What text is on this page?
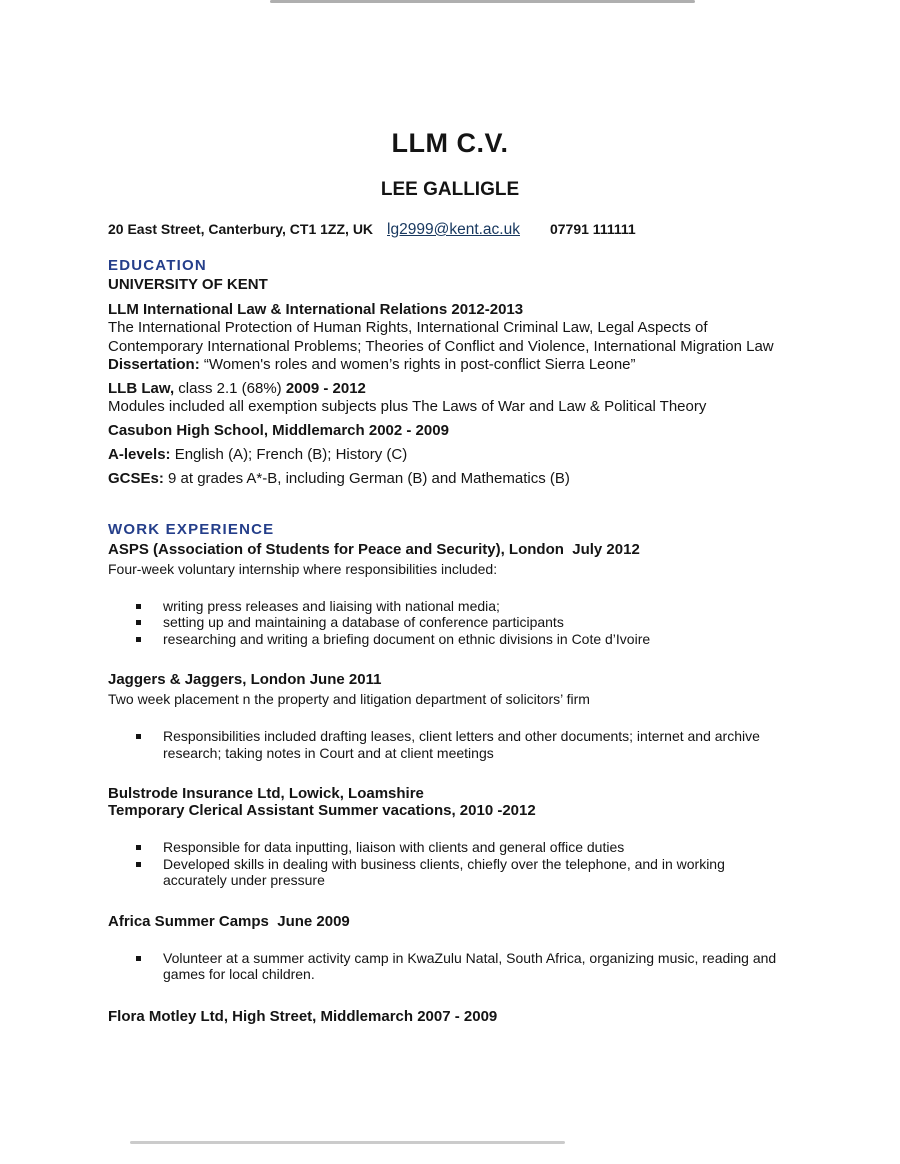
LLM C.V.
LEE GALLIGLE
20 East Street, Canterbury, CT1 1ZZ, UK lg2999@kent.ac.uk 07791 111111
EDUCATION
UNIVERSITY OF KENT
LLM International Law & International Relations 2012-2013
The International Protection of Human Rights, International Criminal Law, Legal Aspects of Contemporary International Problems; Theories of Conflict and Violence, International Migration Law
Dissertation: “Women's roles and women’s rights in post-conflict Sierra Leone”
LLB Law, class 2.1 (68%) 2009 - 2012
Modules included all exemption subjects plus The Laws of War and Law & Political Theory
Casubon High School, Middlemarch 2002 - 2009
A-levels: English (A); French (B); History (C)
GCSEs: 9 at grades A*-B, including German (B) and Mathematics (B)
WORK EXPERIENCE
ASPS (Association of Students for Peace and Security), London  July 2012
Four-week voluntary internship where responsibilities included:
writing press releases and liaising with national media;
setting up and maintaining a database of conference participants
researching and writing a briefing document on ethnic divisions in Cote d’Ivoire
Jaggers & Jaggers, London June 2011
Two week placement n the property and litigation department of solicitors’ firm
Responsibilities included drafting leases, client letters and other documents; internet and archive research; taking notes in Court and at client meetings
Bulstrode Insurance Ltd, Lowick, Loamshire
Temporary Clerical Assistant Summer vacations, 2010 -2012
Responsible for data inputting, liaison with clients and general office duties
Developed skills in dealing with business clients, chiefly over the telephone, and in working accurately under pressure
Africa Summer Camps  June 2009
Volunteer at a summer activity camp in KwaZulu Natal, South Africa, organizing music, reading and games for local children.
Flora Motley Ltd, High Street, Middlemarch 2007 - 2009
